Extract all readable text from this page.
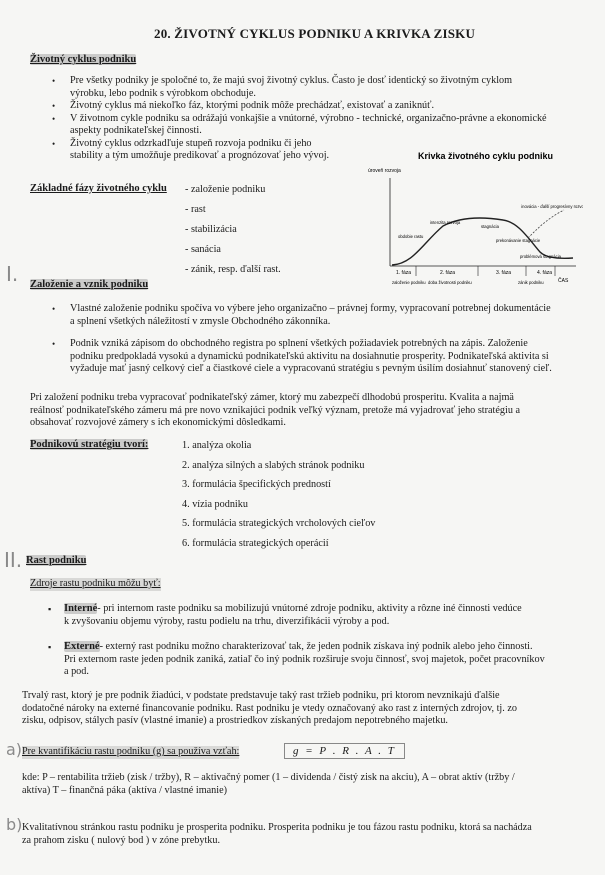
20. ŽIVOTNÝ CYKLUS PODNIKU A KRIVKA ZISKU
Životný cyklus podniku
• Pre všetky podniky je spoločné to, že majú svoj životný cyklus. Často je dosť identický so životným cyklom
výrobku, lebo podnik s výrobkom obchoduje.
• Životný cyklus má niekoľko fáz, ktorými podnik môže prechádzať, existovať a zaniknúť.
• V životnom cykle podniku sa odrážajú vonkajšie a vnútorné, výrobno - technické, organizačno-právne a ekonomické
aspekty podnikateľskej činnosti.
• Životný cyklus odzrkadľuje stupeň rozvoja podniku či jeho
stability a tým umožňuje predikovať a prognózovať jeho vývoj.
Základné fázy životného cyklu - založenie podniku
- rast
- stabilizácia
- sanácia
- zánik, resp. ďalší rast.
Krivka životného cyklu podniku
úroveň rozvoja
1. fáza	2. fáza	3. fáza	4. fáza
inovácia - ďalší progresívny rozvoj
intenzita rozvoja
stagnácia
obdobie rastu
prekonávanie stagnácie
problémová stagnácia
založenie podniku doba životnosti podniku	zánik podniku	ČAS
I.
II.
a)
b)
Založenie a vznik podniku
• Vlastné založenie podniku spočíva vo výbere jeho organizačno – právnej formy, vypracovaní potrebnej dokumentácie
a splnení všetkých náležitostí v zmysle Obchodného zákonníka.
• Podnik vzniká zápisom do obchodného registra po splnení všetkých požiadaviek potrebných na zápis. Založenie
podniku predpokladá vysokú a dynamickú podnikateľskú aktivitu na dosiahnutie prosperity. Podnikateľská aktivita si
vyžaduje mať jasný celkový cieľ a čiastkové ciele a vypracovanú stratégiu s pevným úsilím dosiahnuť stanovený cieľ.
Pri založení podniku treba vypracovať podnikateľský zámer, ktorý mu zabezpečí dlhodobú prosperitu. Kvalita a najmä
reálnosť podnikateľského zámeru má pre novo vznikajúci podnik veľký význam, pretože má vyjadrovať jeho stratégiu a
obsahovať rozvojové zámery s ich ekonomickými dôsledkami.
Podnikovú stratégiu tvorí:	1. analýza okolia
2. analýza silných a slabých stránok podniku
3. formulácia špecifických predností
4. vízia podniku
5. formulácia strategických vrcholových cieľov
6. formulácia strategických operácií
Rast podniku
Zdroje rastu podniku môžu byť:
▪ Interné- pri internom raste podniku sa mobilizujú vnútorné zdroje podniku, aktivity a rôzne iné činnosti vedúce
k zvyšovaniu objemu výroby, rastu podielu na trhu, diverzifikácii výroby a pod.
▪ Externé- externý rast podniku možno charakterizovať tak, že jeden podnik získava iný podnik alebo jeho činnosti.
Pri externom raste jeden podnik zaniká, zatiaľ čo iný podnik rozširuje svoju činnosť, svoj majetok, počet pracovníkov
a pod.
Trvalý rast, ktorý je pre podnik žiadúci, v podstate predstavuje taký rast tržieb podniku, pri ktorom nevznikajú ďalšie
dodatočné nároky na externé financovanie podniku. Rast podniku je vtedy označovaný ako rast z interných zdrojov, tj. zo
zisku, odpisov, stálych pasív (vlastné imanie) a prostriedkov získaných predajom nepotrebného majetku.
Pre kvantifikáciu rastu podniku (g) sa používa vzťah:	g = P . R . A . T
kde: P – rentabilita tržieb (zisk / tržby), R – aktivačný pomer (1 – dividenda / čistý zisk na akciu), A – obrat aktív (tržby /
aktíva) T – finančná páka (aktíva / vlastné imanie)
Kvalitatívnou stránkou rastu podniku je prosperita podniku. Prosperita podniku je tou fázou rastu podniku, ktorá sa nachádza
za prahom zisku ( nulový bod ) v zóne prebytku.
